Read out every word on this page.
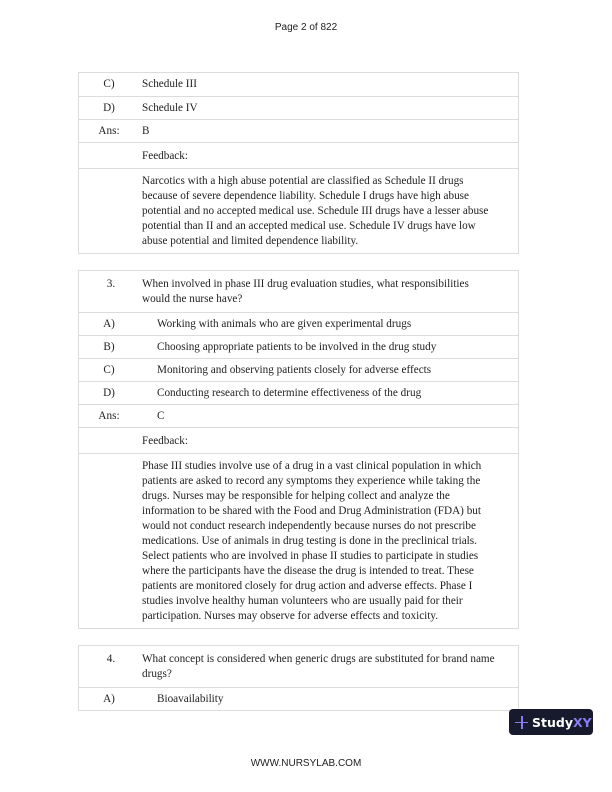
Page 2 of 822
C)	Schedule III
D)	Schedule IV
Ans:	B
Feedback:
Narcotics with a high abuse potential are classified as Schedule II drugs because of severe dependence liability. Schedule I drugs have high abuse potential and no accepted medical use. Schedule III drugs have a lesser abuse potential than II and an accepted medical use. Schedule IV drugs have low abuse potential and limited dependence liability.
3.	When involved in phase III drug evaluation studies, what responsibilities would the nurse have?
A)	Working with animals who are given experimental drugs
B)	Choosing appropriate patients to be involved in the drug study
C)	Monitoring and observing patients closely for adverse effects
D)	Conducting research to determine effectiveness of the drug
Ans:	C
Feedback:
Phase III studies involve use of a drug in a vast clinical population in which patients are asked to record any symptoms they experience while taking the drugs. Nurses may be responsible for helping collect and analyze the information to be shared with the Food and Drug Administration (FDA) but would not conduct research independently because nurses do not prescribe medications. Use of animals in drug testing is done in the preclinical trials. Select patients who are involved in phase II studies to participate in studies where the participants have the disease the drug is intended to treat. These patients are monitored closely for drug action and adverse effects. Phase I studies involve healthy human volunteers who are usually paid for their participation. Nurses may observe for adverse effects and toxicity.
4.	What concept is considered when generic drugs are substituted for brand name drugs?
A)	Bioavailability
Study XY
WWW.NURSYLAB.COM
